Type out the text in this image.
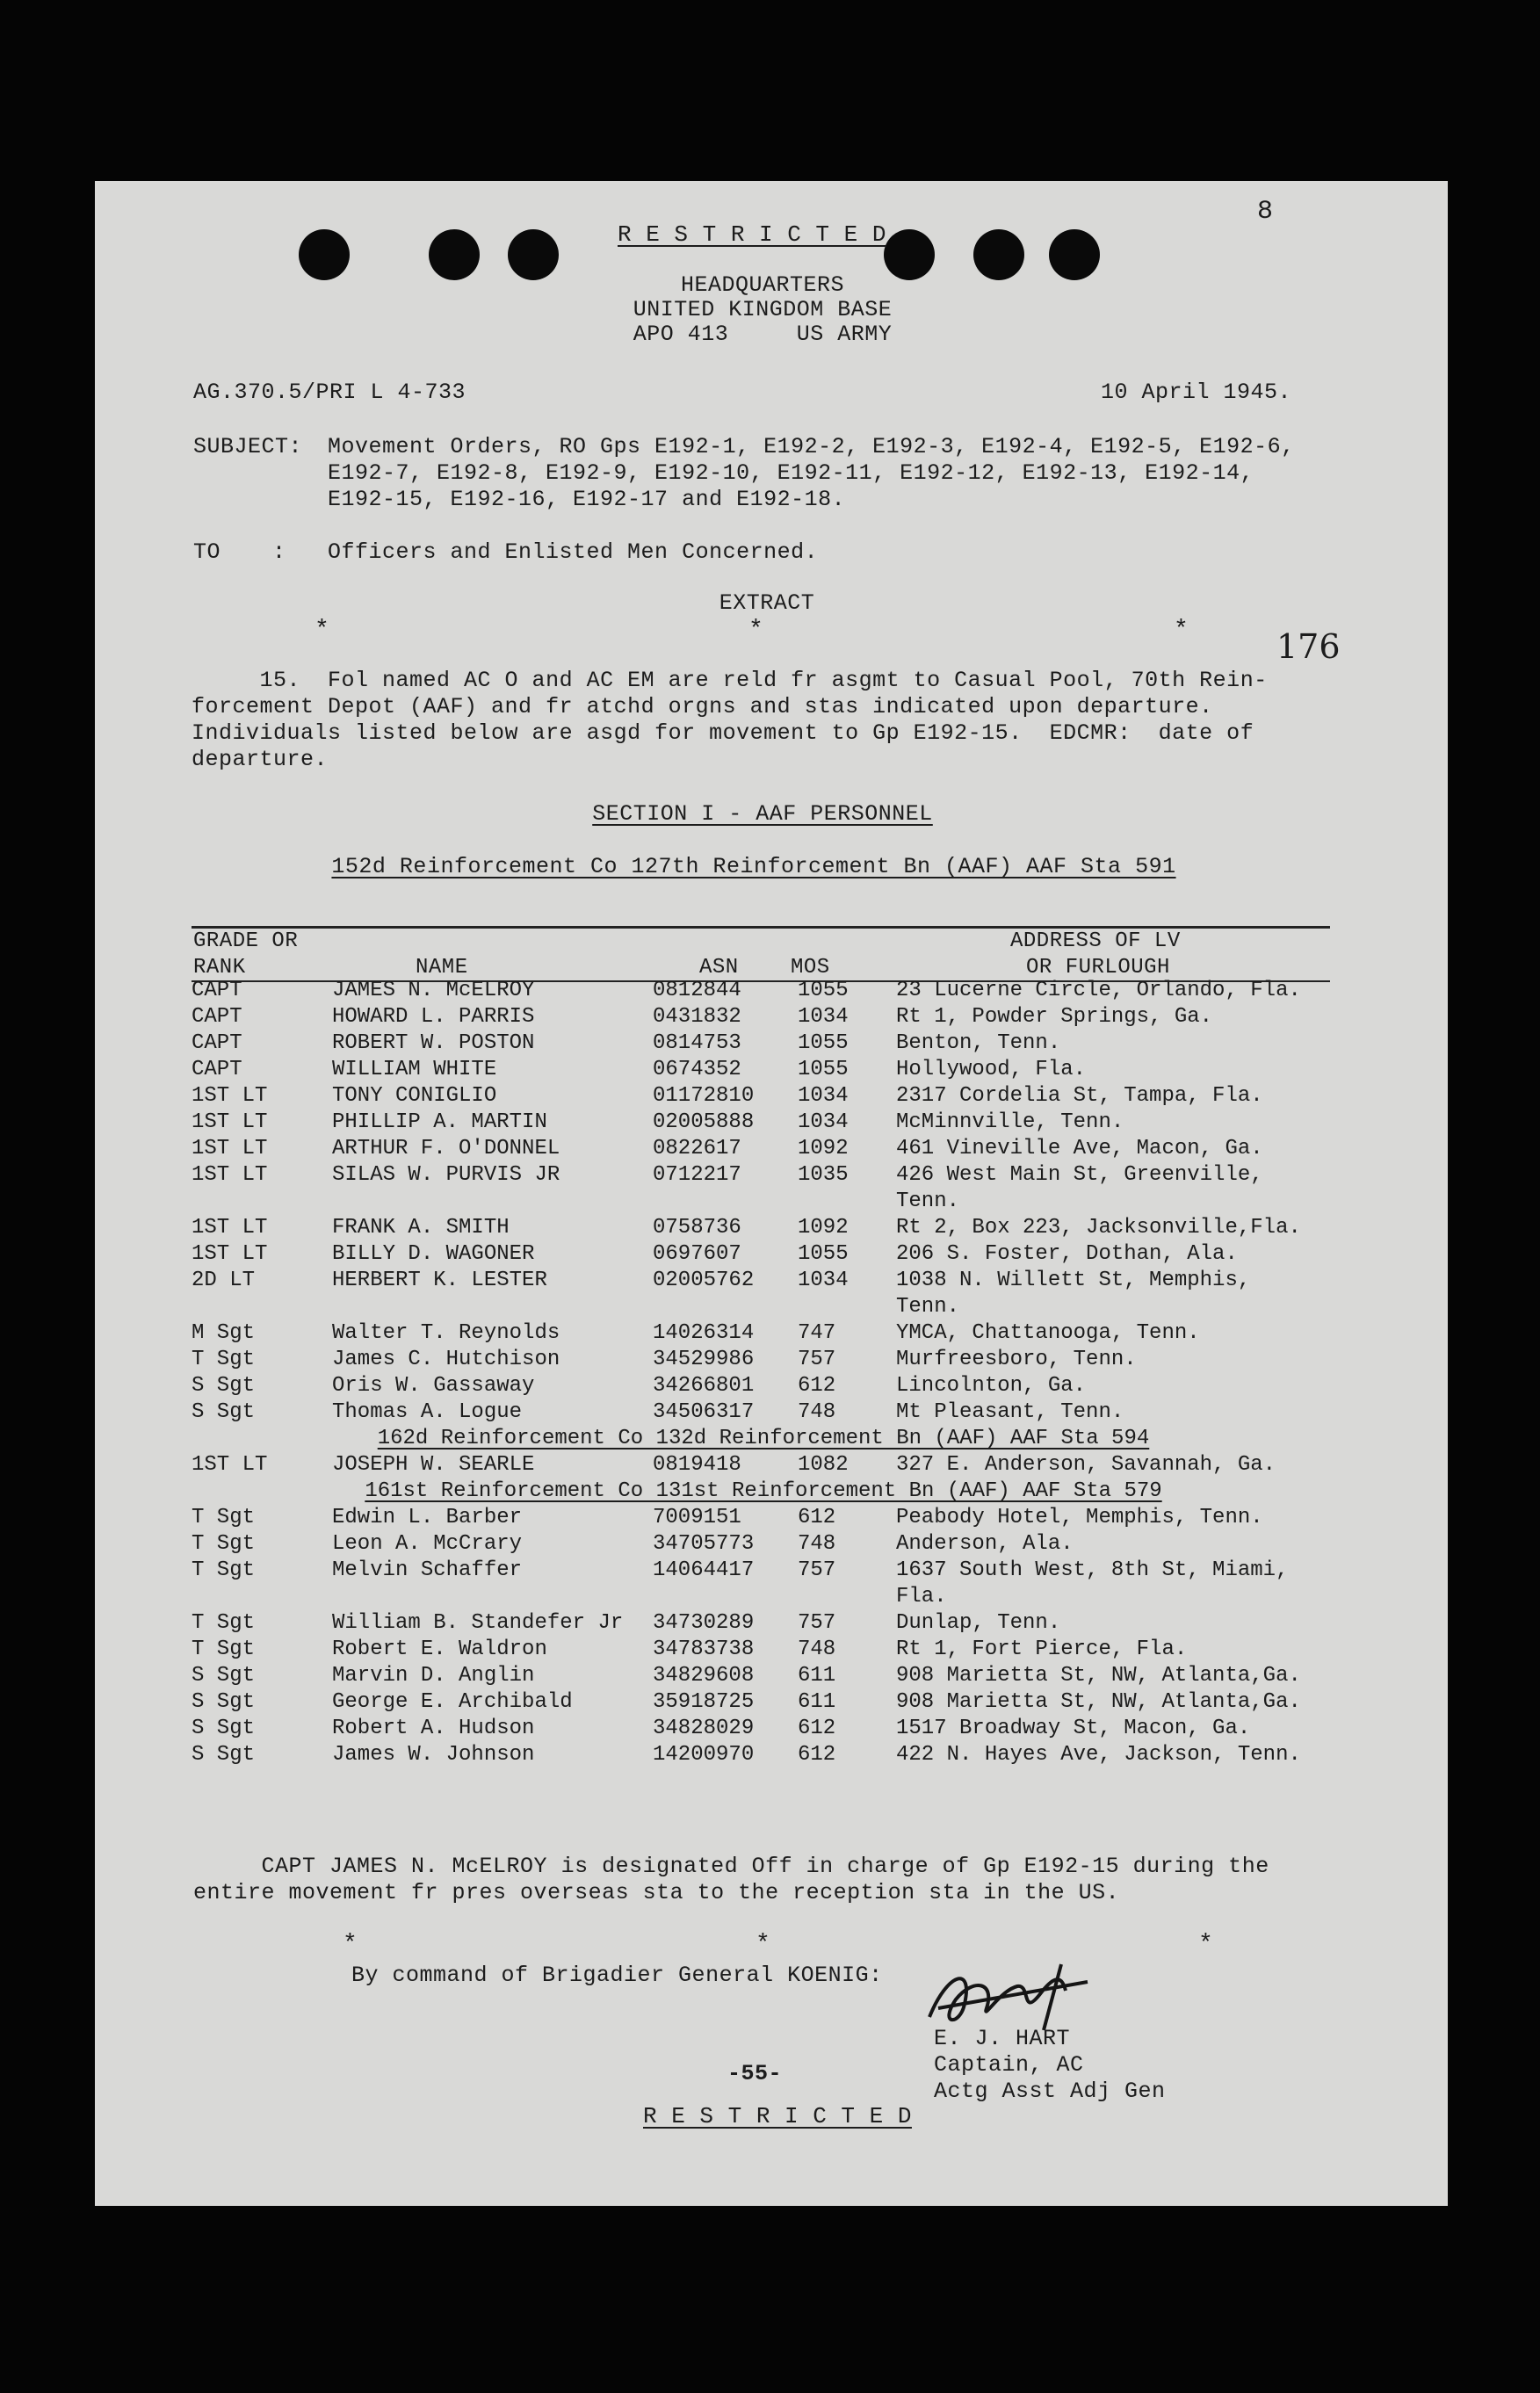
R E S T R I C T E D
8
HEADQUARTERS
UNITED KINGDOM BASE
APO 413     US ARMY
AG.370.5/PRI L 4-733	10 April 1945.
SUBJECT: Movement Orders, RO Gps E192-1, E192-2, E192-3, E192-4, E192-5, E192-6,
E192-7, E192-8, E192-9, E192-10, E192-11, E192-12, E192-13, E192-14,
E192-15, E192-16, E192-17 and E192-18.
TO : Officers and Enlisted Men Concerned.
EXTRACT
*	*	*	176
15.  Fol named AC O and AC EM are reld fr asgmt to Casual Pool, 70th Rein-
forcement Depot (AAF) and fr atchd orgns and stas indicated upon departure.
Individuals listed below are asgd for movement to Gp E192-15.  EDCMR:  date of
departure.
SECTION I - AAF PERSONNEL
152d Reinforcement Co 127th Reinforcement Bn (AAF) AAF Sta 591
GRADE OR
RANK	NAME	ASN MOS
ADDRESS OF LV
OR FURLOUGH
CAPT	JAMES N. McELROY	0812844	1055	23 Lucerne Circle, Orlando, Fla.
CAPT	HOWARD L. PARRIS	0431832	1034	Rt 1, Powder Springs, Ga.
CAPT	ROBERT W. POSTON	0814753	1055	Benton, Tenn.
CAPT	WILLIAM WHITE	0674352	1055	Hollywood, Fla.
1ST LT	TONY CONIGLIO	01172810	1034	2317 Cordelia St, Tampa, Fla.
1ST LT	PHILLIP A. MARTIN	02005888	1034	McMinnville, Tenn.
1ST LT	ARTHUR F. O'DONNEL	0822617	1092	461 Vineville Ave, Macon, Ga.
1ST LT	SILAS W. PURVIS JR	0712217	1035	426 West Main St, Greenville,
				Tenn.
1ST LT	FRANK A. SMITH	0758736	1092	Rt 2, Box 223, Jacksonville,Fla.
1ST LT	BILLY D. WAGONER	0697607	1055	206 S. Foster, Dothan, Ala.
2D LT	HERBERT K. LESTER	02005762	1034	1038 N. Willett St, Memphis,
				Tenn.
M Sgt	Walter T. Reynolds	14026314	747	YMCA, Chattanooga, Tenn.
T Sgt	James C. Hutchison	34529986	757	Murfreesboro, Tenn.
S Sgt	Oris W. Gassaway	34266801	612	Lincolnton, Ga.
S Sgt	Thomas A. Logue	34506317	748	Mt Pleasant, Tenn.
162d Reinforcement Co 132d Reinforcement Bn (AAF) AAF Sta 594				
1ST LT	JOSEPH W. SEARLE	0819418	1082	327 E. Anderson, Savannah, Ga.
161st Reinforcement Co 131st Reinforcement Bn (AAF) AAF Sta 579				
T Sgt	Edwin L. Barber	7009151	612	Peabody Hotel, Memphis, Tenn.
T Sgt	Leon A. McCrary	34705773	748	Anderson, Ala.
T Sgt	Melvin Schaffer	14064417	757	1637 South West, 8th St, Miami,
				Fla.
T Sgt	William B. Standefer Jr	34730289	757	Dunlap, Tenn.
T Sgt	Robert E. Waldron	34783738	748	Rt 1, Fort Pierce, Fla.
S Sgt	Marvin D. Anglin	34829608	611	908 Marietta St, NW, Atlanta,Ga.
S Sgt	George E. Archibald	35918725	611	908 Marietta St, NW, Atlanta,Ga.
S Sgt	Robert A. Hudson	34828029	612	1517 Broadway St, Macon, Ga.
S Sgt	James W. Johnson	14200970	612	422 N. Hayes Ave, Jackson, Tenn.
CAPT JAMES N. McELROY is designated Off in charge of Gp E192-15 during the
entire movement fr pres overseas sta to the reception sta in the US.
*	*	*
By command of Brigadier General KOENIG:
E. J. HART
Captain, AC
Actg Asst Adj Gen
-55-
R E S T R I C T E D
